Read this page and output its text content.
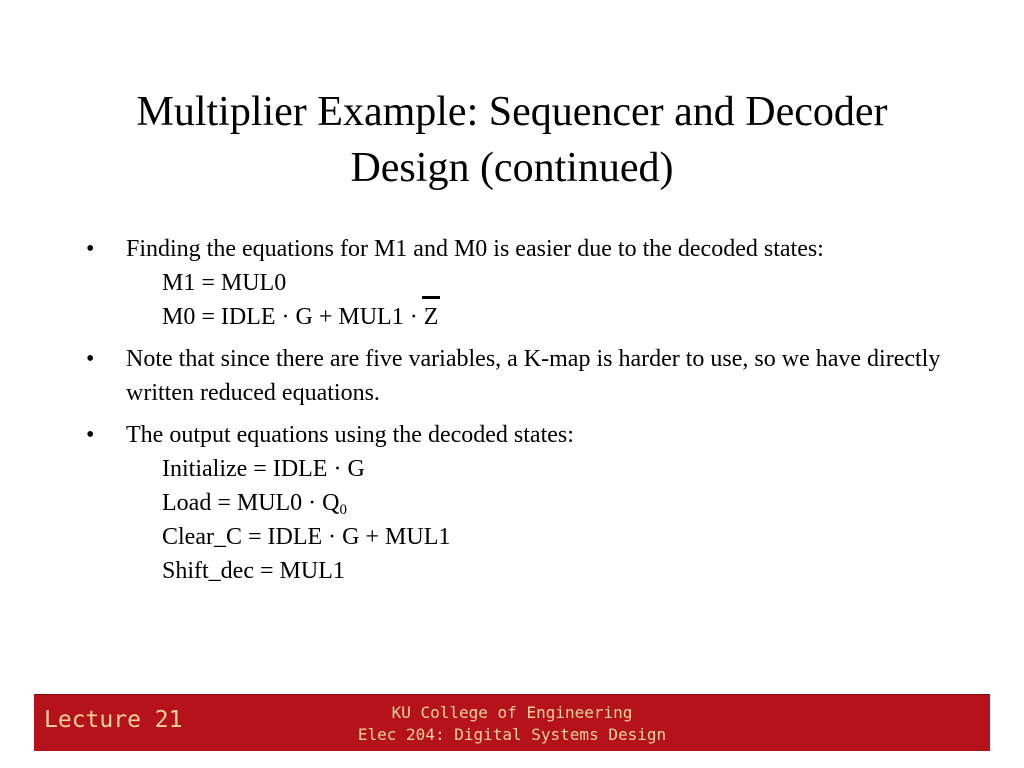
Multiplier Example: Sequencer and Decoder
Design (continued)
•	Finding the equations for M1 and M0 is easier due to the decoded states:
M1 = MUL0
M0 = IDLE · G + MUL1 ·
Z
•	Note that since there are five variables, a K-map is harder to use, so we have directly written reduced equations.
•	The output equations using the decoded states:
Initialize = IDLE · G
Load = $MUL0 \cdot Q_0$
Clear_C = IDLE · G + MUL1
Shift_dec = MUL1
Lecture 21	KU College of Engineering
Elec 204: Digital Systems Design
